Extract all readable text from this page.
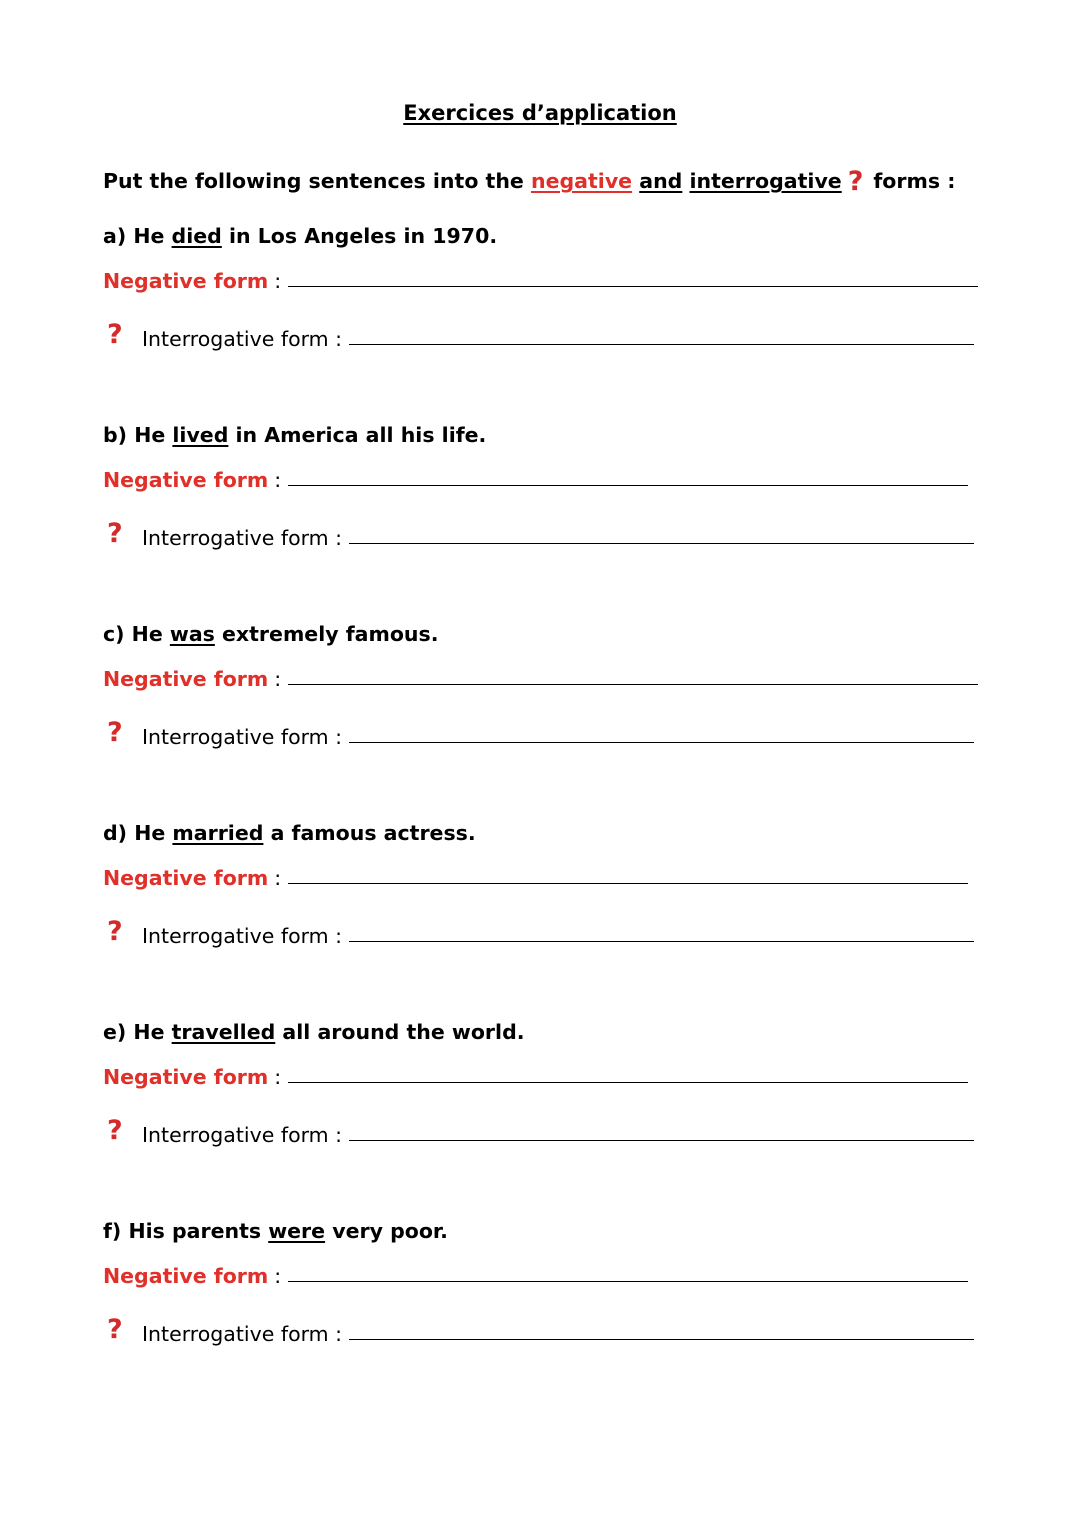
Exercices d’application
Put the following sentences into the negative and interrogative ? forms :
a) He died in Los Angeles in 1970.
Negative form :
? Interrogative form :
b) He lived in America all his life.
Negative form :
? Interrogative form :
c) He was extremely famous.
Negative form :
? Interrogative form :
d) He married a famous actress.
Negative form :
? Interrogative form :
e) He travelled all around the world.
Negative form :
? Interrogative form :
f) His parents were very poor.
Negative form :
? Interrogative form :
